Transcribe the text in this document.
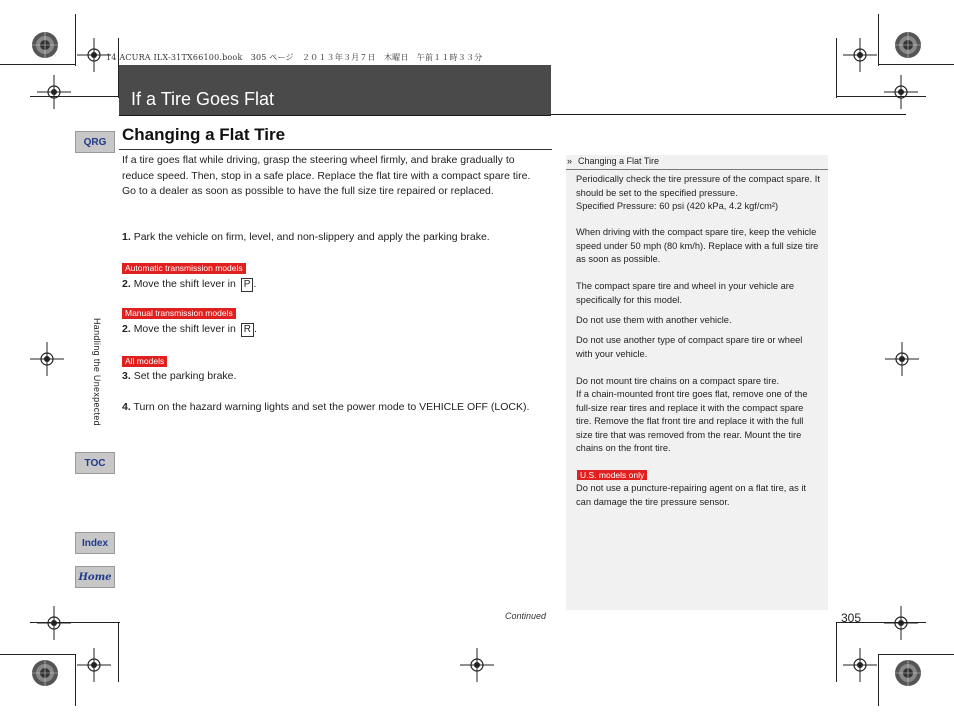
14 ACURA ILX-31TX66100.book　305 ページ　２０１３年３月７日　木曜日　午前１１時３３分
If a Tire Goes Flat
QRG
Handling the Unexpected
TOC
Index
Home
Changing a Flat Tire
If a tire goes flat while driving, grasp the steering wheel firmly, and brake gradually to reduce speed. Then, stop in a safe place. Replace the flat tire with a compact spare tire. Go to a dealer as soon as possible to have the full size tire repaired or replaced.
1. Park the vehicle on firm, level, and non-slippery and apply the parking brake.
Automatic transmission models
2. Move the shift lever in P .
Manual transmission models
2. Move the shift lever in R .
All models
3. Set the parking brake.
4. Turn on the hazard warning lights and set the power mode to VEHICLE OFF (LOCK).
» Changing a Flat Tire
Periodically check the tire pressure of the compact spare. It should be set to the specified pressure.
Specified Pressure: 60 psi (420 kPa, 4.2 kgf/cm²)
When driving with the compact spare tire, keep the vehicle speed under 50 mph (80 km/h). Replace with a full size tire as soon as possible.
The compact spare tire and wheel in your vehicle are specifically for this model.
Do not use them with another vehicle.
Do not use another type of compact spare tire or wheel with your vehicle.
Do not mount tire chains on a compact spare tire.
If a chain-mounted front tire goes flat, remove one of the full-size rear tires and replace it with the compact spare tire. Remove the flat front tire and replace it with the full size tire that was removed from the rear. Mount the tire chains on the front tire.
U.S. models only
Do not use a puncture-repairing agent on a flat tire, as it can damage the tire pressure sensor.
Continued	305
